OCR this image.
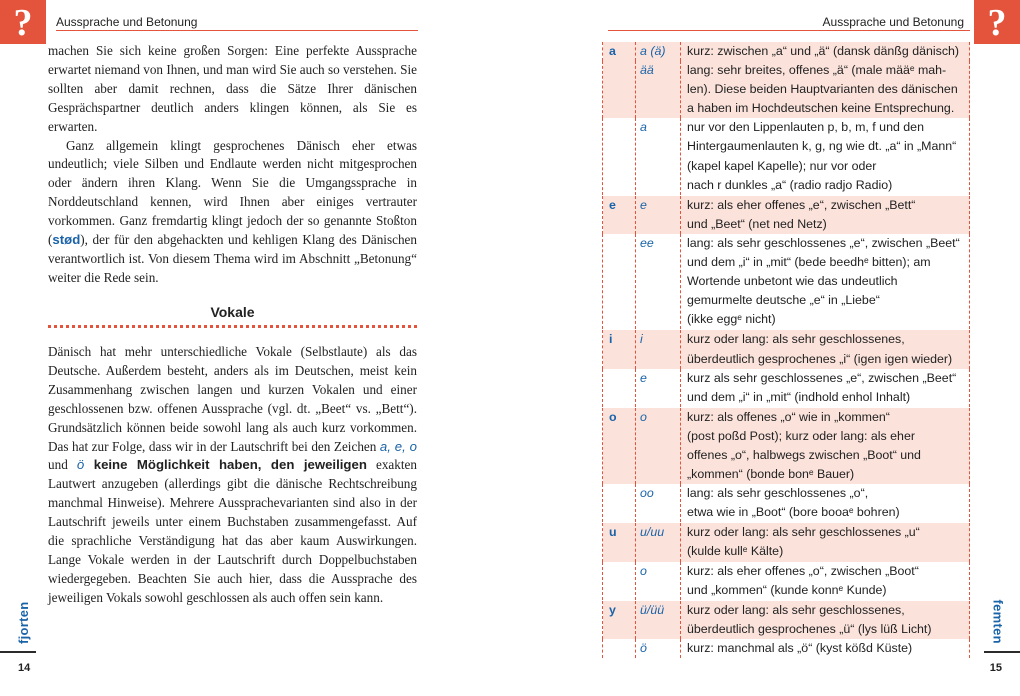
?	Aussprache und Betonung

machen Sie sich keine großen Sorgen: Eine perfekte Aussprache erwartet niemand von Ihnen, und man wird Sie auch so verstehen. Sie sollten aber damit rechnen, dass die Sätze Ihrer dänischen Gesprächspartner deutlich anders klingen können, als Sie es erwarten.

Ganz allgemein klingt gesprochenes Dänisch eher etwas undeutlich; viele Silben und Endlaute werden nicht mitgesprochen oder ändern ihren Klang. Wenn Sie die Umgangssprache in Norddeutschland kennen, wird Ihnen aber einiges vertrauter vorkommen. Ganz fremdartig klingt jedoch der so genannte Stoßton (stød), der für den abgehackten und kehligen Klang des Dänischen verantwortlich ist. Von diesem Thema wird im Abschnitt „Betonung“ weiter die Rede sein.

Vokale

Dänisch hat mehr unterschiedliche Vokale (Selbstlaute) als das Deutsche. Außerdem besteht, anders als im Deutschen, meist kein Zusammenhang zwischen langen und kurzen Vokalen und einer geschlossenen bzw. offenen Aussprache (vgl. dt. „Beet“ vs. „Bett“). Grundsätzlich können beide sowohl lang als auch kurz vorkommen. Das hat zur Folge, dass wir in der Lautschrift bei den Zeichen a, e, o und ö keine Möglichkeit haben, den jeweiligen exakten Lautwert anzugeben (allerdings gibt die dänische Rechtschreibung manchmal Hinweise). Mehrere Aussprachevarianten sind also in der Lautschrift jeweils unter einem Buchstaben zusammengefasst. Auf die sprachliche Verständigung hat das aber kaum Auswirkungen. Lange Vokale werden in der Lautschrift durch Doppelbuchstaben wiedergegeben. Beachten Sie auch hier, dass die Aussprache des jeweiligen Vokals sowohl geschlossen als auch offen sein kann.

fjorten
14
Aussprache und Betonung ?
a	a (ä)	kurz: zwischen „a“ und „ä“ (dansk dänßg dänisch)

	ää	lang: sehr breites, offenes „ä“ (male määᵉ mah-
len). Diese beiden Hauptvarianten des dänischen
a haben im Hochdeutschen keine Entsprechung.

	a	nur vor den Lippenlauten p, b, m, f und den
Hintergaumenlauten k, g, ng wie dt. „a“ in „Mann“
(kapel kapel Kapelle); nur vor oder
nach r dunkles „a“ (radio radjo Radio)

e	e	kurz: als eher offenes „e“, zwischen „Bett“
und „Beet“ (net ned Netz)

	ee	lang: als sehr geschlossenes „e“, zwischen „Beet“
und dem „i“ in „mit“ (bede beedhᵉ bitten); am
Wortende unbetont wie das undeutlich
gemurmelte deutsche „e“ in „Liebe“
(ikke eggᵉ nicht)

i	i	kurz oder lang: als sehr geschlossenes,
überdeutlich gesprochenes „i“ (igen igen wieder)

	e	kurz als sehr geschlossenes „e“, zwischen „Beet“
und dem „i“ in „mit“ (indhold enhol Inhalt)

o	o	kurz: als offenes „o“ wie in „kommen“
(post poßd Post); kurz oder lang: als eher
offenes „o“, halbwegs zwischen „Boot“ und
„kommen“ (bonde bonᵉ Bauer)

	oo	lang: als sehr geschlossenes „o“,
etwa wie in „Boot“ (bore booaᵉ bohren)

u	u/uu	kurz oder lang: als sehr geschlossenes „u“
(kulde kullᵉ Kälte)

	o	kurz: als eher offenes „o“, zwischen „Boot“
und „kommen“ (kunde konnᵉ Kunde)

y	ü/üü	kurz oder lang: als sehr geschlossenes,
überdeutlich gesprochenes „ü“ (lys lüß Licht)

	ö	kurz: manchmal als „ö“ (kyst kößd Küste)
femten
15
